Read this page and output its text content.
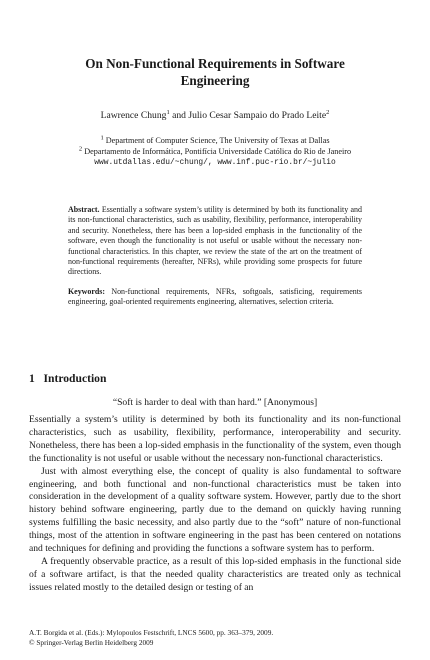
On Non-Functional Requirements in Software
Engineering
Lawrence Chung$^1$ and Julio Cesar Sampaio do Prado Leite$^2$

$^1$ Department of Computer Science, The University of Texas at Dallas

$^2$ Departamento de Informática, Pontifícia Universidade Católica do Rio de Janeiro

www.utdallas.edu/~chung/, www.inf.puc-rio.br/~julio

Abstract. Essentially a software system’s utility is determined by both its functionality and its non-functional characteristics, such as usability, flexibility, performance, interoperability and security. Nonetheless, there has been a lop-sided emphasis in the functionality of the software, even though the functionality is not useful or usable without the necessary non-functional characteristics. In this chapter, we review the state of the art on the treatment of non-functional requirements (hereafter, NFRs), while providing some prospects for future directions.

Keywords: Non-functional requirements, NFRs, softgoals, satisficing, requirements engineering, goal-oriented requirements engineering, alternatives, selection criteria.

1 Introduction
“Soft is harder to deal with than hard.” [Anonymous]

Essentially a system’s utility is determined by both its functionality and its non-functional characteristics, such as usability, flexibility, performance, interoperability and security. Nonetheless, there has been a lop-sided emphasis in the functionality of the system, even though the functionality is not useful or usable without the necessary non-functional characteristics.

Just with almost everything else, the concept of quality is also fundamental to software engineering, and both functional and non-functional characteristics must be taken into consideration in the development of a quality software system. However, partly due to the short history behind software engineering, partly due to the demand on quickly having running systems fulfilling the basic necessity, and also partly due to the “soft” nature of non-functional things, most of the attention in software engineering in the past has been centered on notations and techniques for defining and providing the functions a software system has to perform.

A frequently observable practice, as a result of this lop-sided emphasis in the functional side of a software artifact, is that the needed quality characteristics are treated only as technical issues related mostly to the detailed design or testing of an

A.T. Borgida et al. (Eds.): Mylopoulos Festschrift, LNCS 5600, pp. 363–379, 2009.

© Springer-Verlag Berlin Heidelberg 2009
